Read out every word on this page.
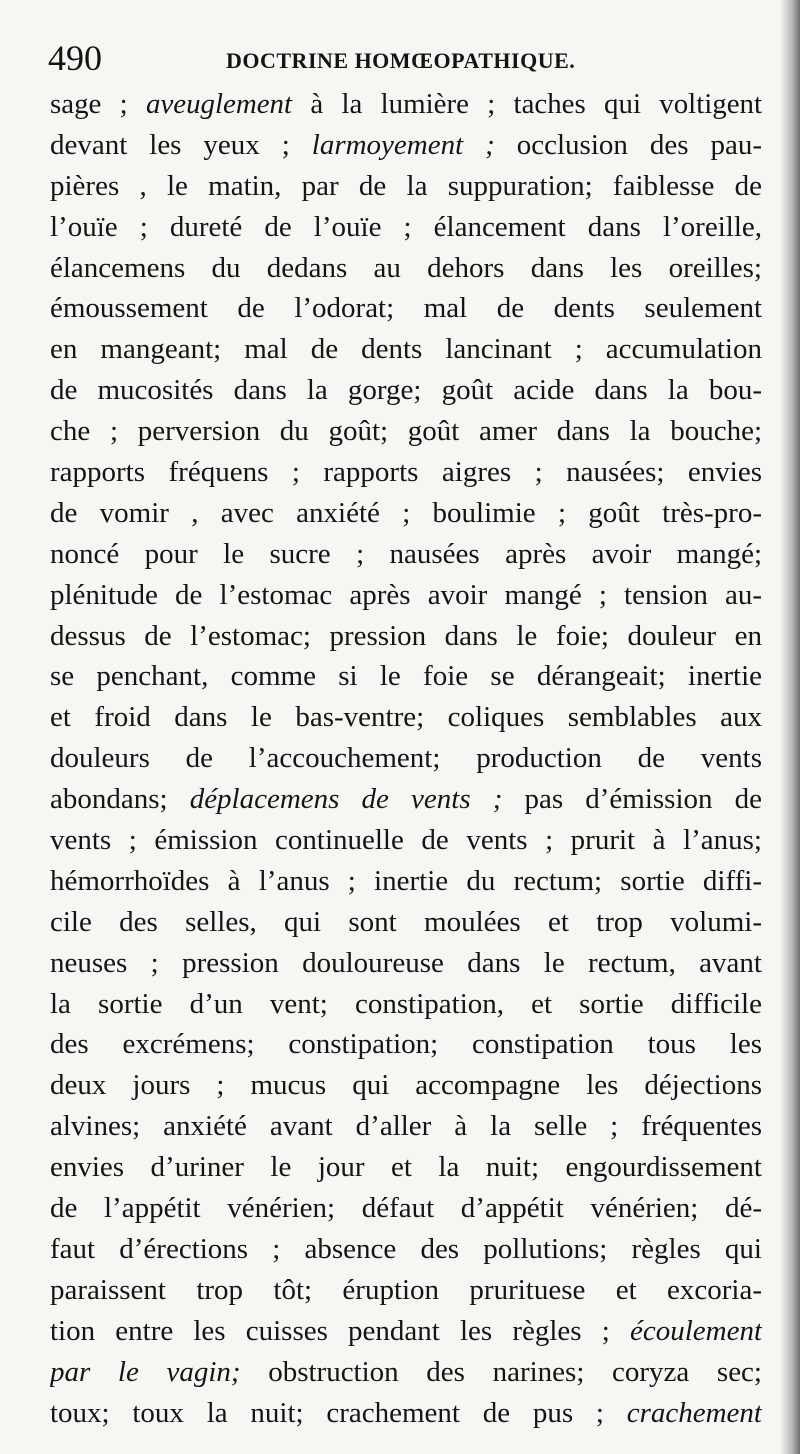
490	DOCTRINE HOMŒOPATHIQUE.
sage ; aveuglement à la lumière ; taches qui voltigent
devant les yeux ; larmoyement ; occlusion des pau-
pières , le matin, par de la suppuration; faiblesse de
l’ouïe ; dureté de l’ouïe ; élancement dans l’oreille,
élancemens du dedans au dehors dans les oreilles;
émoussement de l’odorat; mal de dents seulement
en mangeant; mal de dents lancinant ; accumulation
de mucosités dans la gorge; goût acide dans la bou-
che ; perversion du goût; goût amer dans la bouche;
rapports fréquens ; rapports aigres ; nausées; envies
de vomir , avec anxiété ; boulimie ; goût très-pro-
noncé pour le sucre ; nausées après avoir mangé;
plénitude de l’estomac après avoir mangé ; tension au-
dessus de l’estomac; pression dans le foie; douleur en
se penchant, comme si le foie se dérangeait; inertie
et froid dans le bas-ventre; coliques semblables aux
douleurs de l’accouchement; production de vents
abondans; déplacemens de vents ; pas d’émission de
vents ; émission continuelle de vents ; prurit à l’anus;
hémorrhoïdes à l’anus ; inertie du rectum; sortie diffi-
cile des selles, qui sont moulées et trop volumi-
neuses ; pression douloureuse dans le rectum, avant
la sortie d’un vent; constipation, et sortie difficile
des excrémens; constipation; constipation tous les
deux jours ; mucus qui accompagne les déjections
alvines; anxiété avant d’aller à la selle ; fréquentes
envies d’uriner le jour et la nuit; engourdissement
de l’appétit vénérien; défaut d’appétit vénérien; dé-
faut d’érections ; absence des pollutions; règles qui
paraissent trop tôt; éruption prurituese et excoria-
tion entre les cuisses pendant les règles ; écoulement
par le vagin; obstruction des narines; coryza sec;
toux; toux la nuit; crachement de pus ; crachement
